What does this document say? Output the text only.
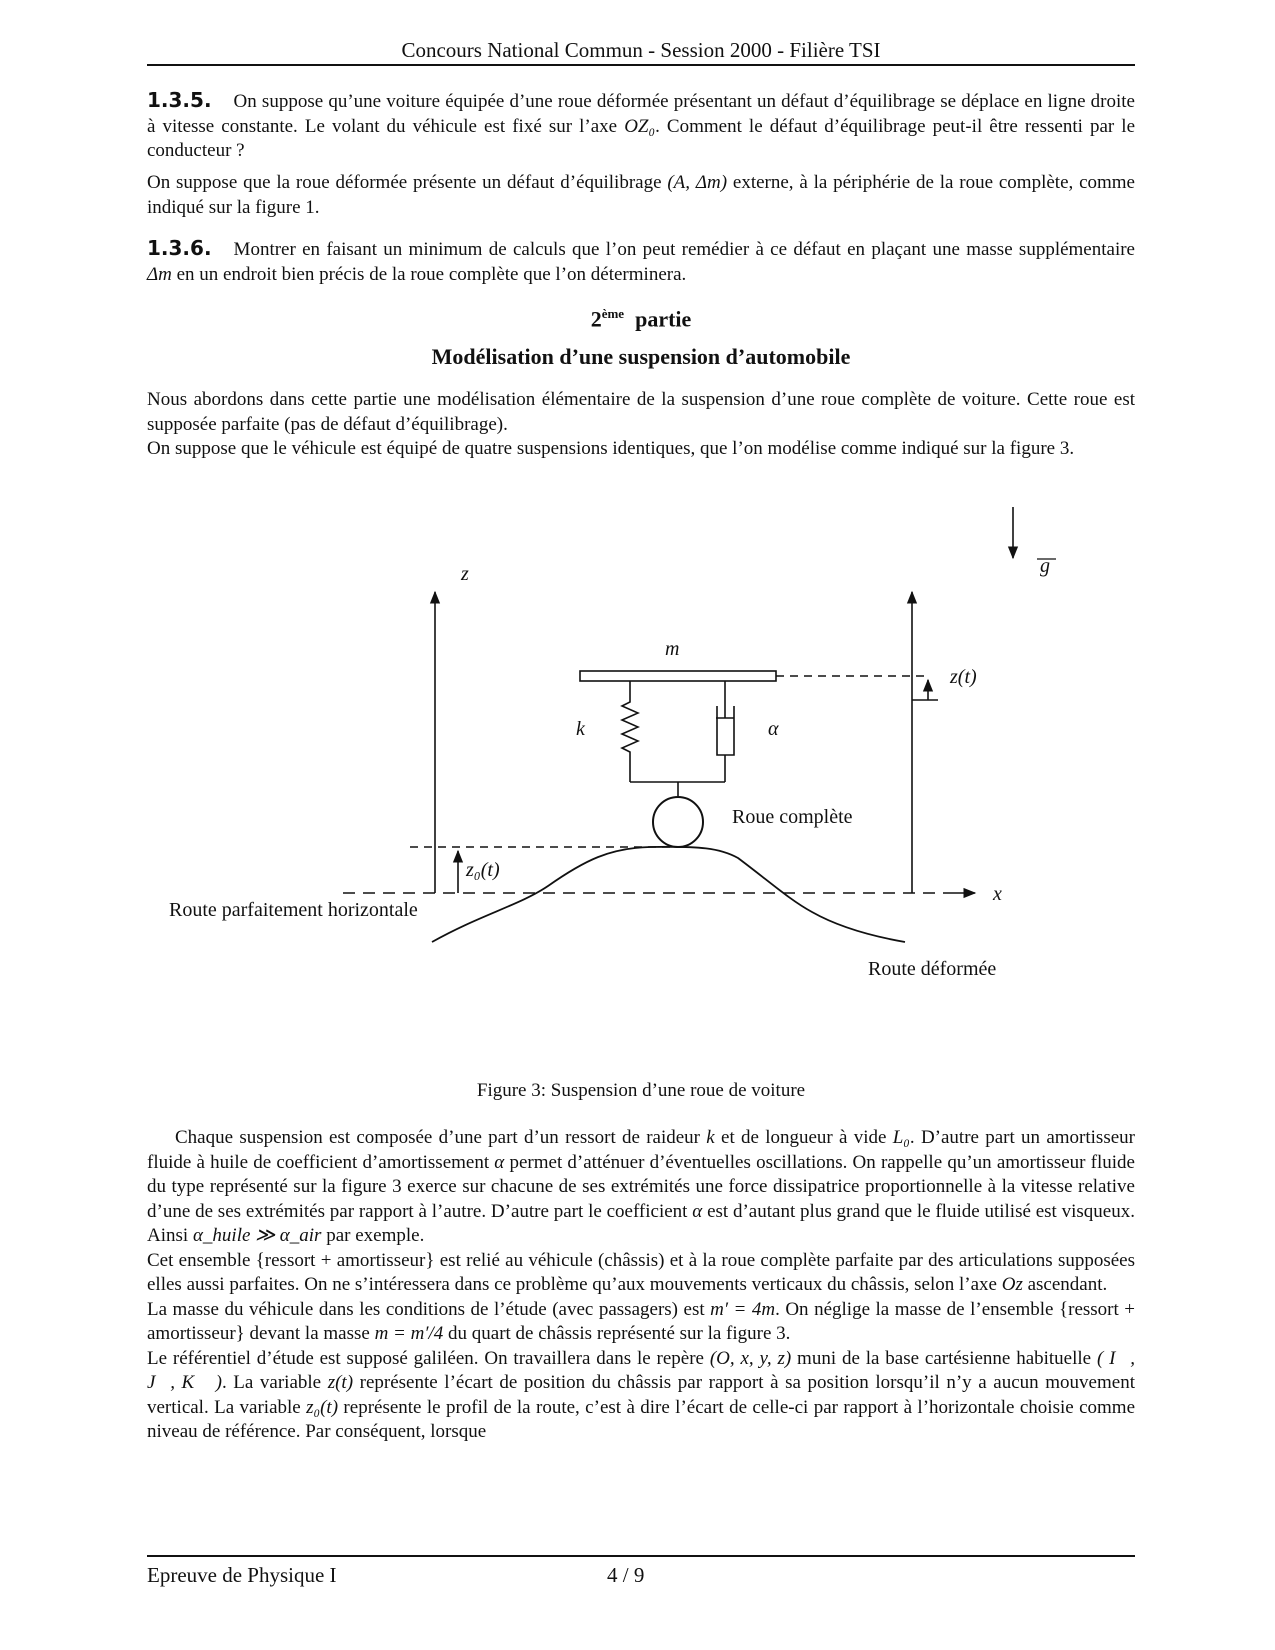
Concours National Commun - Session 2000 - Filière TSI

1.3.5. On suppose qu’une voiture équipée d’une roue déformée présentant un défaut d’équilibrage se déplace en ligne droite à vitesse constante. Le volant du véhicule est fixé sur l’axe OZ₀. Comment le défaut d’équilibrage peut-il être ressenti par le conducteur ?

On suppose que la roue déformée présente un défaut d’équilibrage (A, Δm) externe, à la périphérie de la roue complète, comme indiqué sur la figure 1.

1.3.6. Montrer en faisant un minimum de calculs que l’on peut remédier à ce défaut en plaçant une masse supplémentaire Δm en un endroit bien précis de la roue complète que l’on déterminera.

2ème partie
Modélisation d’une suspension d’automobile

Nous abordons dans cette partie une modélisation élémentaire de la suspension d’une roue complète de voiture. Cette roue est supposée parfaite (pas de défaut d’équilibrage).
On suppose que le véhicule est équipé de quatre suspensions identiques, que l’on modélise comme indiqué sur la figure 3.

z	g
m
k	α
z(t)
z₀(t)
x
Roue complète
Route parfaitement horizontale
Route déformée
Figure 3: Suspension d’une roue de voiture

Chaque suspension est composée d’une part d’un ressort de raideur k et de longueur à vide L₀. D’autre part un amortisseur fluide à huile de coefficient d’amortissement α permet d’atténuer d’éventuelles oscillations. On rappelle qu’un amortisseur fluide du type représenté sur la figure 3 exerce sur chacune de ses extrémités une force dissipatrice proportionnelle à la vitesse relative d’une de ses extrémités par rapport à l’autre. D’autre part le coefficient α est d’autant plus grand que le fluide utilisé est visqueux. Ainsi α_huile ≫ α_air par exemple.
Cet ensemble {ressort + amortisseur} est relié au véhicule (châssis) et à la roue complète parfaite par des articulations supposées elles aussi parfaites. On ne s’intéressera dans ce problème qu’aux mouvements verticaux du châssis, selon l’axe Oz ascendant.
La masse du véhicule dans les conditions de l’étude (avec passagers) est m′ = 4m. On néglige la masse de l’ensemble {ressort + amortisseur} devant la masse m = m′/4 du quart de châssis représenté sur la figure 3.
Le référentiel d’étude est supposé galiléen. On travaillera dans le repère (O, x, y, z) muni de la base cartésienne habituelle ( I⃗, J⃗, K⃗ ). La variable z(t) représente l’écart de position du châssis par rapport à sa position lorsqu’il n’y a aucun mouvement vertical. La variable z₀(t) représente le profil de la route, c’est à dire l’écart de celle-ci par rapport à l’horizontale choisie comme niveau de référence. Par conséquent, lorsque

Epreuve de Physique I	4 / 9
